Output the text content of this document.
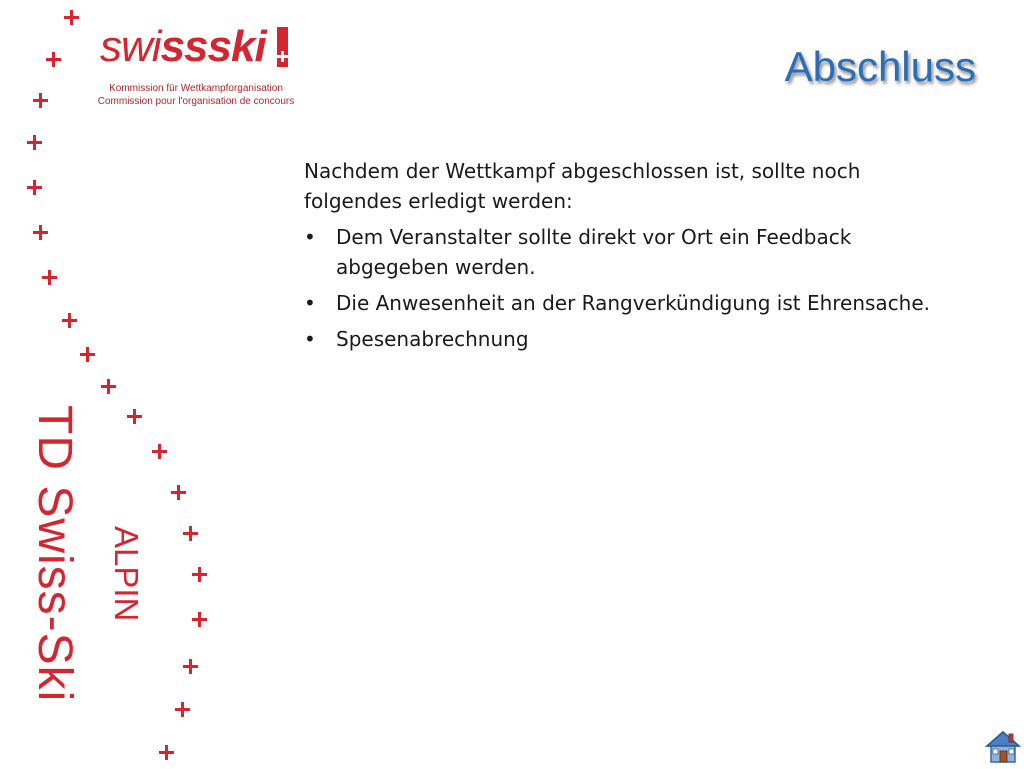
swissski
Kommission für Wettkampforganisation
Commission pour l'organisation de concours
Abschluss

Nachdem der Wettkampf abgeschlossen ist, sollte noch folgendes erledigt werden:

•	Dem Veranstalter sollte direkt vor Ort ein Feedback abgegeben werden.
•	Die Anwesenheit an der Rangverkündigung ist Ehrensache.
•	Spesenabrechnung
TD Swiss-Ski ALPIN
